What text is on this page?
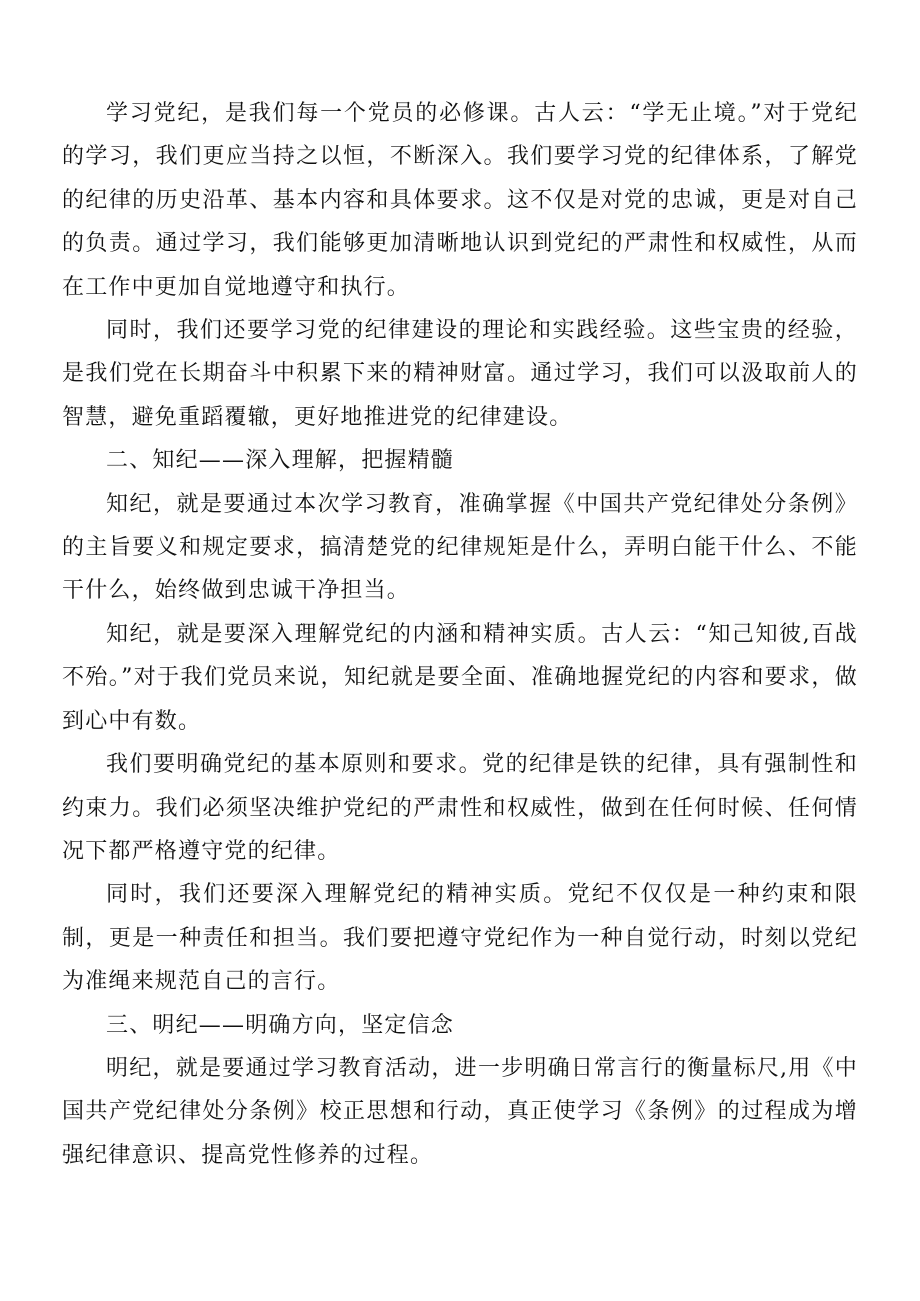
学习党纪，是我们每一个党员的必修课。古人云：“学无止境。”对于党纪的学习，我们更应当持之以恒，不断深入。我们要学习党的纪律体系，了解党的纪律的历史沿革、基本内容和具体要求。这不仅是对党的忠诚，更是对自己的负责。通过学习，我们能够更加清晰地认识到党纪的严肃性和权威性，从而在工作中更加自觉地遵守和执行。

同时，我们还要学习党的纪律建设的理论和实践经验。这些宝贵的经验，是我们党在长期奋斗中积累下来的精神财富。通过学习，我们可以汲取前人的智慧，避免重蹈覆辙，更好地推进党的纪律建设。

二、知纪——深入理解，把握精髓

知纪，就是要通过本次学习教育，准确掌握《中国共产党纪律处分条例》的主旨要义和规定要求，搞清楚党的纪律规矩是什么，弄明白能干什么、不能干什么，始终做到忠诚干净担当。

知纪，就是要深入理解党纪的内涵和精神实质。古人云：“知己知彼,百战不殆。”对于我们党员来说，知纪就是要全面、准确地握党纪的内容和要求，做到心中有数。

我们要明确党纪的基本原则和要求。党的纪律是铁的纪律，具有强制性和约束力。我们必须坚决维护党纪的严肃性和权威性，做到在任何时候、任何情况下都严格遵守党的纪律。

同时，我们还要深入理解党纪的精神实质。党纪不仅仅是一种约束和限制，更是一种责任和担当。我们要把遵守党纪作为一种自觉行动，时刻以党纪为准绳来规范自己的言行。

三、明纪——明确方向，坚定信念

明纪，就是要通过学习教育活动，进一步明确日常言行的衡量标尺,用《中国共产党纪律处分条例》校正思想和行动，真正使学习《条例》的过程成为增强纪律意识、提高党性修养的过程。
